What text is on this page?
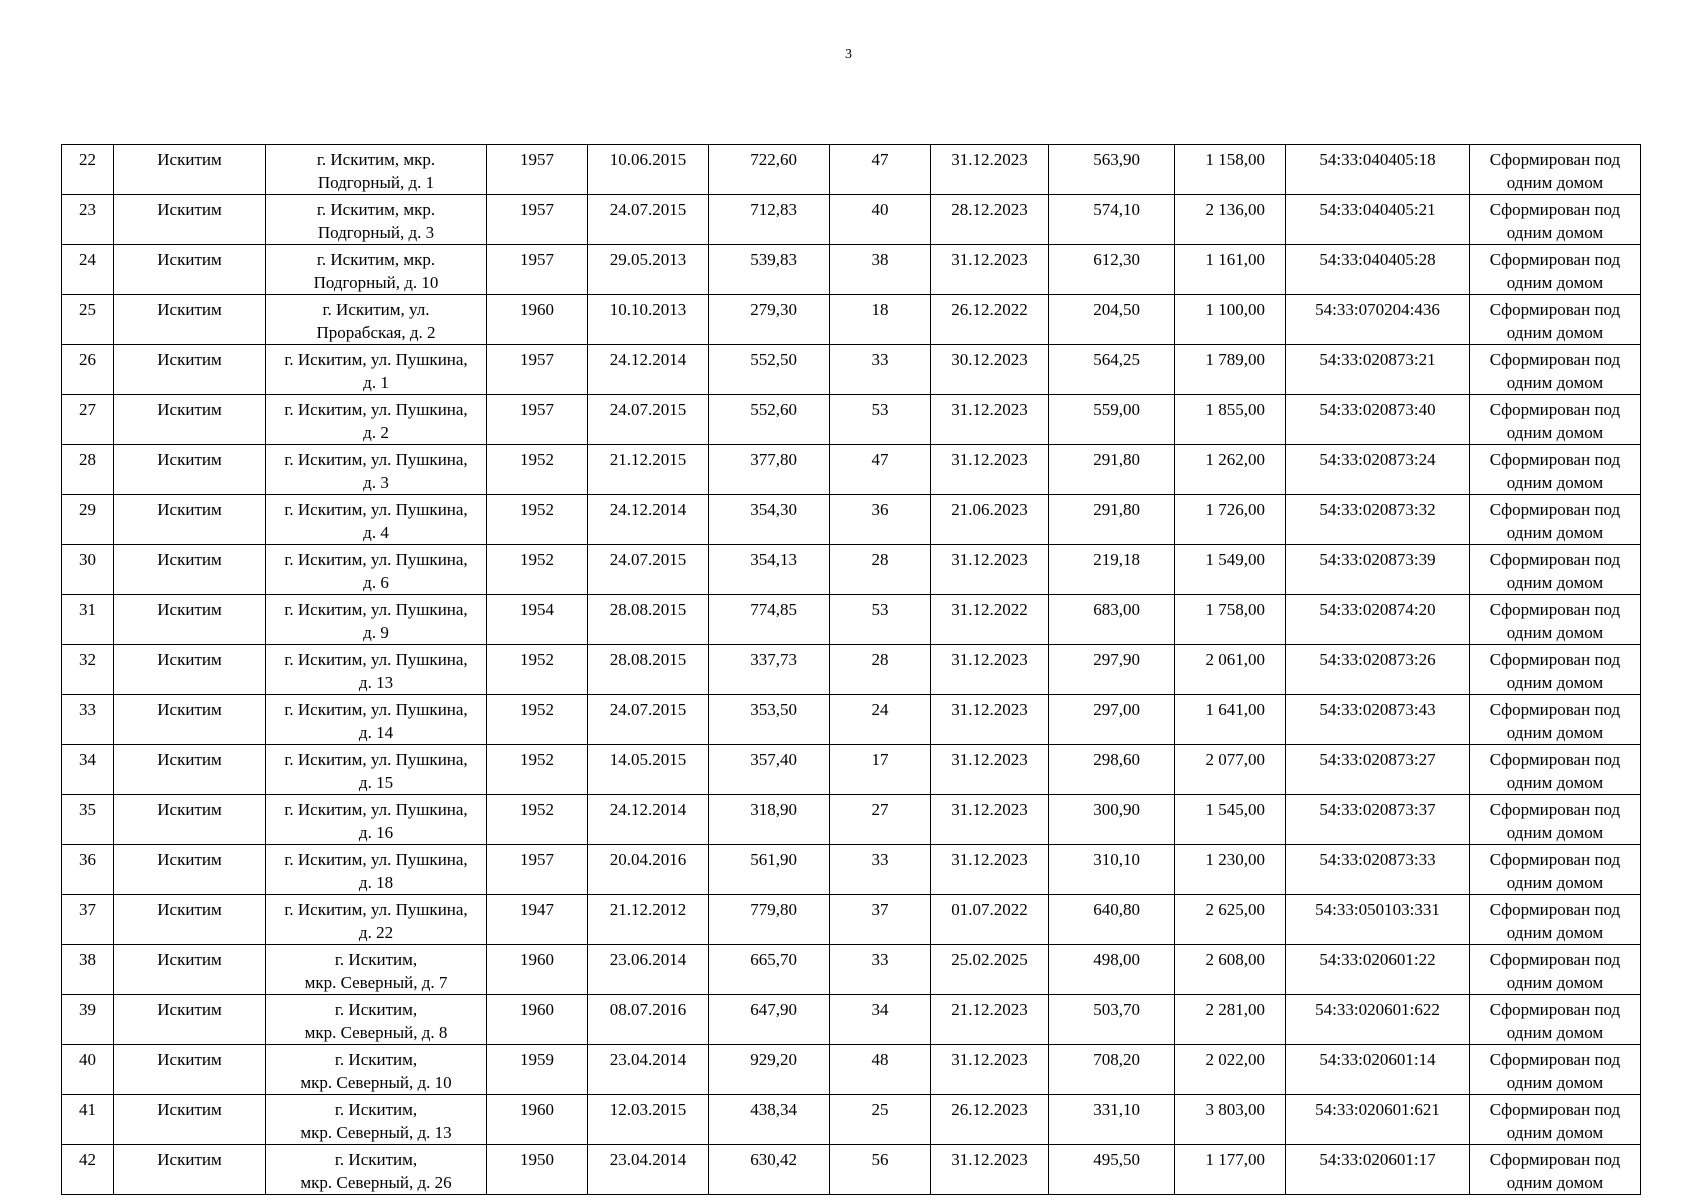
3
22	Искитим	г. Искитим, мкр.
Подгорный, д. 1	1957	10.06.2015	722,60	47	31.12.2023	563,90	1 158,00	54:33:040405:18	Сформирован под
одним домом

23	Искитим	г. Искитим, мкр.
Подгорный, д. 3	1957	24.07.2015	712,83	40	28.12.2023	574,10	2 136,00	54:33:040405:21	Сформирован под
одним домом

24	Искитим	г. Искитим, мкр.
Подгорный, д. 10	1957	29.05.2013	539,83	38	31.12.2023	612,30	1 161,00	54:33:040405:28	Сформирован под
одним домом

25	Искитим	г. Искитим, ул.
Прорабская, д. 2	1960	10.10.2013	279,30	18	26.12.2022	204,50	1 100,00	54:33:070204:436	Сформирован под
одним домом

26	Искитим	г. Искитим, ул. Пушкина,
д. 1	1957	24.12.2014	552,50	33	30.12.2023	564,25	1 789,00	54:33:020873:21	Сформирован под
одним домом

27	Искитим	г. Искитим, ул. Пушкина,
д. 2	1957	24.07.2015	552,60	53	31.12.2023	559,00	1 855,00	54:33:020873:40	Сформирован под
одним домом

28	Искитим	г. Искитим, ул. Пушкина,
д. 3	1952	21.12.2015	377,80	47	31.12.2023	291,80	1 262,00	54:33:020873:24	Сформирован под
одним домом

29	Искитим	г. Искитим, ул. Пушкина,
д. 4	1952	24.12.2014	354,30	36	21.06.2023	291,80	1 726,00	54:33:020873:32	Сформирован под
одним домом

30	Искитим	г. Искитим, ул. Пушкина,
д. 6	1952	24.07.2015	354,13	28	31.12.2023	219,18	1 549,00	54:33:020873:39	Сформирован под
одним домом

31	Искитим	г. Искитим, ул. Пушкина,
д. 9	1954	28.08.2015	774,85	53	31.12.2022	683,00	1 758,00	54:33:020874:20	Сформирован под
одним домом

32	Искитим	г. Искитим, ул. Пушкина,
д. 13	1952	28.08.2015	337,73	28	31.12.2023	297,90	2 061,00	54:33:020873:26	Сформирован под
одним домом

33	Искитим	г. Искитим, ул. Пушкина,
д. 14	1952	24.07.2015	353,50	24	31.12.2023	297,00	1 641,00	54:33:020873:43	Сформирован под
одним домом

34	Искитим	г. Искитим, ул. Пушкина,
д. 15	1952	14.05.2015	357,40	17	31.12.2023	298,60	2 077,00	54:33:020873:27	Сформирован под
одним домом

35	Искитим	г. Искитим, ул. Пушкина,
д. 16	1952	24.12.2014	318,90	27	31.12.2023	300,90	1 545,00	54:33:020873:37	Сформирован под
одним домом

36	Искитим	г. Искитим, ул. Пушкина,
д. 18	1957	20.04.2016	561,90	33	31.12.2023	310,10	1 230,00	54:33:020873:33	Сформирован под
одним домом

37	Искитим	г. Искитим, ул. Пушкина,
д. 22	1947	21.12.2012	779,80	37	01.07.2022	640,80	2 625,00	54:33:050103:331	Сформирован под
одним домом

38	Искитим	г. Искитим,
мкр. Северный, д. 7	1960	23.06.2014	665,70	33	25.02.2025	498,00	2 608,00	54:33:020601:22	Сформирован под
одним домом

39	Искитим	г. Искитим,
мкр. Северный, д. 8	1960	08.07.2016	647,90	34	21.12.2023	503,70	2 281,00	54:33:020601:622	Сформирован под
одним домом

40	Искитим	г. Искитим,
мкр. Северный, д. 10	1959	23.04.2014	929,20	48	31.12.2023	708,20	2 022,00	54:33:020601:14	Сформирован под
одним домом

41	Искитим	г. Искитим,
мкр. Северный, д. 13	1960	12.03.2015	438,34	25	26.12.2023	331,10	3 803,00	54:33:020601:621	Сформирован под
одним домом

42	Искитим	г. Искитим,
мкр. Северный, д. 26	1950	23.04.2014	630,42	56	31.12.2023	495,50	1 177,00	54:33:020601:17	Сформирован под
одним домом
